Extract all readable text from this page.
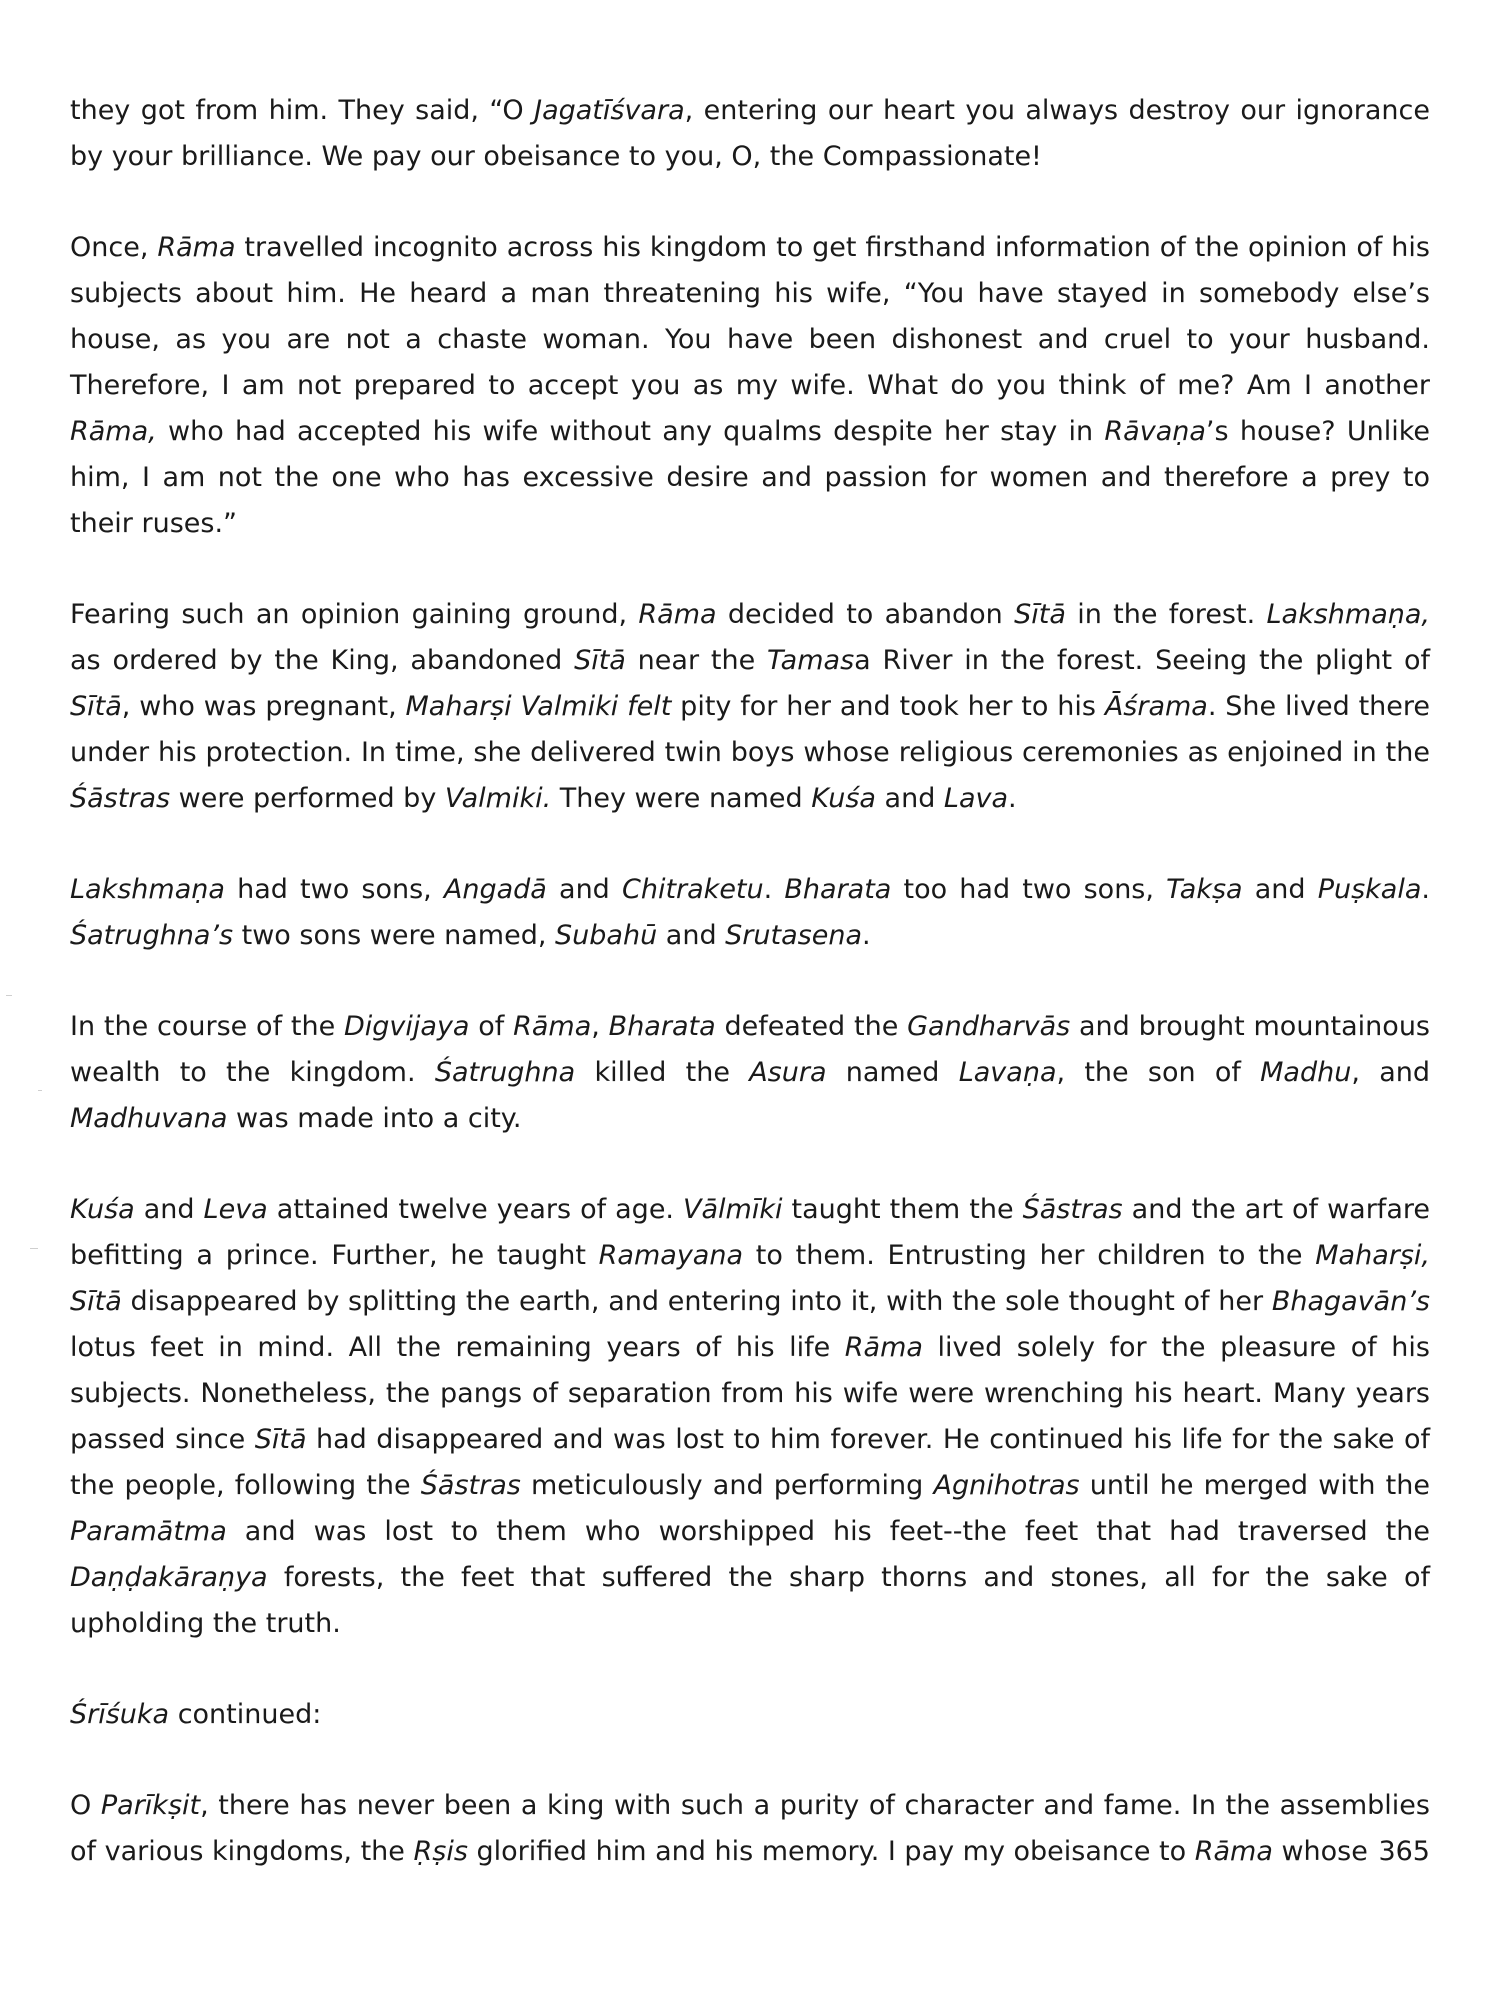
they got from him. They said, “O Jagatīśvara, entering our heart you always destroy our ignorance by your brilliance. We pay our obeisance to you, O, the Compassionate!

Once, Rāma travelled incognito across his kingdom to get firsthand information of the opinion of his subjects about him. He heard a man threatening his wife, “You have stayed in somebody else’s house, as you are not a chaste woman. You have been dishonest and cruel to your husband. Therefore, I am not prepared to accept you as my wife. What do you think of me? Am I another Rāma, who had accepted his wife without any qualms despite her stay in Rāvaṇa’s house? Unlike him, I am not the one who has excessive desire and passion for women and therefore a prey to their ruses.”

Fearing such an opinion gaining ground, Rāma decided to abandon Sītā in the forest. Lakshmaṇa, as ordered by the King, abandoned Sītā near the Tamasa River in the forest. Seeing the plight of Sītā, who was pregnant, Maharṣi Valmiki felt pity for her and took her to his Āśrama. She lived there under his protection. In time, she delivered twin boys whose religious ceremonies as enjoined in the Śāstras were performed by Valmiki. They were named Kuśa and Lava.

Lakshmaṇa had two sons, Angadā and Chitraketu. Bharata too had two sons, Takṣa and Puṣkala. Śatrughna’s two sons were named, Subahū and Srutasena.

In the course of the Digvijaya of Rāma, Bharata defeated the Gandharvās and brought mountainous wealth to the kingdom. Śatrughna killed the Asura named Lavaṇa, the son of Madhu, and Madhuvana was made into a city.

Kuśa and Leva attained twelve years of age. Vālmīki taught them the Śāstras and the art of warfare befitting a prince. Further, he taught Ramayana to them. Entrusting her children to the Maharṣi, Sītā disappeared by splitting the earth, and entering into it, with the sole thought of her Bhagavān’s lotus feet in mind. All the remaining years of his life Rāma lived solely for the pleasure of his subjects. Nonetheless, the pangs of separation from his wife were wrenching his heart. Many years passed since Sītā had disappeared and was lost to him forever. He continued his life for the sake of the people, following the Śāstras meticulously and performing Agnihotras until he merged with the Paramātma and was lost to them who worshipped his feet--the feet that had traversed the Daṇḍakāraṇya forests, the feet that suffered the sharp thorns and stones, all for the sake of upholding the truth.

Śrīśuka continued:

O Parīkṣit, there has never been a king with such a purity of character and fame. In the assemblies of various kingdoms, the Ṛṣis glorified him and his memory. I pay my obeisance to Rāma whose 365
